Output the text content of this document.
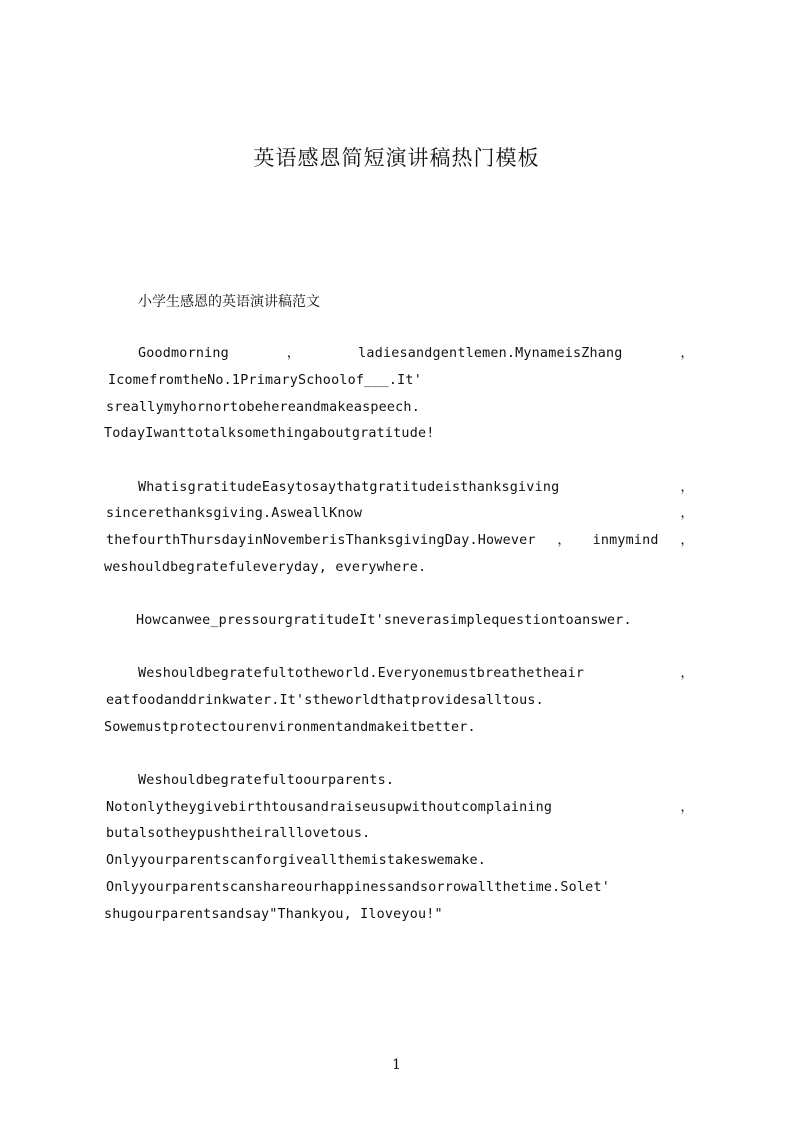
英语感恩简短演讲稿热门模板
小学生感恩的英语演讲稿范文
Goodmorning	，	ladiesandgentlemen.MynameisZhang	，
IcomefromtheNo.1PrimarySchoolof___.It'
sreallymyhornortobehereandmakeaspeech.
TodayIwanttotalksomethingaboutgratitude!
WhatisgratitudeEasytosaythatgratitudeisthanksgiving	，
sincerethanksgiving.AsweallKnow	，
thefourthThursdayinNovemberisThanksgivingDay.However ， inmymind ，
weshouldbegratefuleveryday, everywhere.
Howcanwee_pressourgratitudeIt'sneverasimplequestiontoanswer.
Weshouldbegratefultotheworld.Everyonemustbreathetheair	，
eatfoodanddrinkwater.It'stheworldthatprovidesalltous.
Sowemustprotectourenvironmentandmakeitbetter.
Weshouldbegratefultoourparents.
Notonlytheygivebirthtousandraiseusupwithoutcomplaining	，
butalsotheypushtheiralllovetous.
Onlyyourparentscanforgiveallthemistakeswemake.
Onlyyourparentscanshareourhappinessandsorrowallthetime.Solet'
shugourparentsandsay"Thankyou, Iloveyou!"
1
